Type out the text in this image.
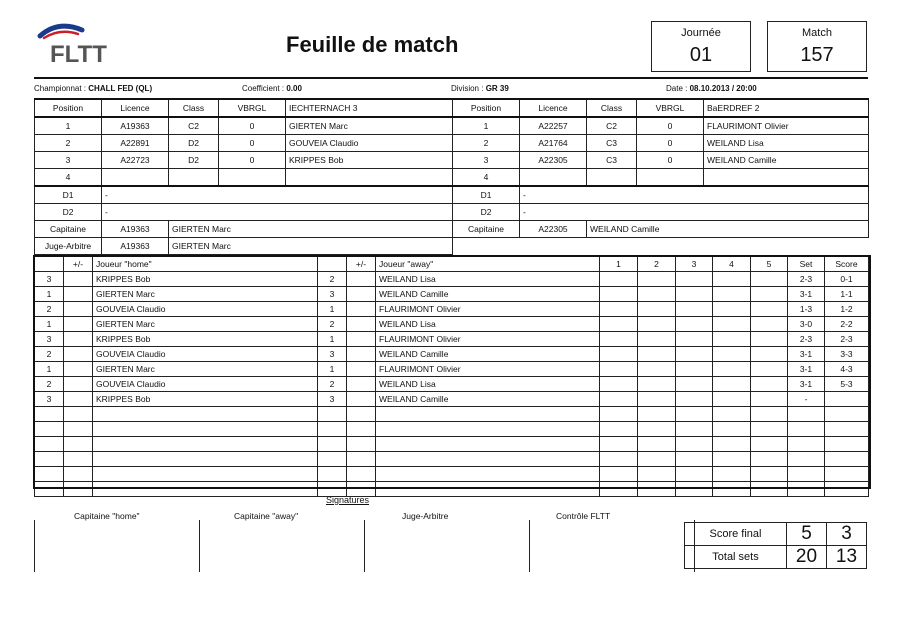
FLTT	Feuille de match	Journée
01
Match
157
Championnat : CHALL FED (QL)	Coefficient : 0.00	Division : GR 39	Date : 08.10.2013 / 20:00
Position	Licence	Class	VBRGL	IECHTERNACH 3	Position	Licence	Class	VBRGL	BaERDREF 2
1	A19363	C2	0	GIERTEN Marc	1	A22257	C2	0	FLAURIMONT Olivier
2	A22891	D2	0	GOUVEIA Claudio	2	A21764	C3	0	WEILAND Lisa
3	A22723	D2	0	KRIPPES Bob	3	A22305	C3	0	WEILAND Camille
4					4				
D1	-				D1	-			
D2	-				D2	-			
Capitaine	A19363	GIERTEN Marc			Capitaine	A22305	WEILAND Camille		
Juge-Arbitre	A19363	GIERTEN Marc							
	+/-	Joueur "home"		+/-	Joueur "away"	1	2	3	4	5	Set	Score
3		KRIPPES Bob	2		WEILAND Lisa						2-3	0-1
1		GIERTEN Marc	3		WEILAND Camille						3-1	1-1
2		GOUVEIA Claudio	1		FLAURIMONT Olivier						1-3	1-2
1		GIERTEN Marc	2		WEILAND Lisa						3-0	2-2
3		KRIPPES Bob	1		FLAURIMONT Olivier						2-3	2-3
2		GOUVEIA Claudio	3		WEILAND Camille						3-1	3-3
1		GIERTEN Marc	1		FLAURIMONT Olivier						3-1	4-3
2		GOUVEIA Claudio	2		WEILAND Lisa						3-1	5-3
3		KRIPPES Bob	3		WEILAND Camille						-	

Signatures
Capitaine "home"	Capitaine "away"	Juge-Arbitre	Contrôle FLTT

Score final	5	3
Total sets	20	13
